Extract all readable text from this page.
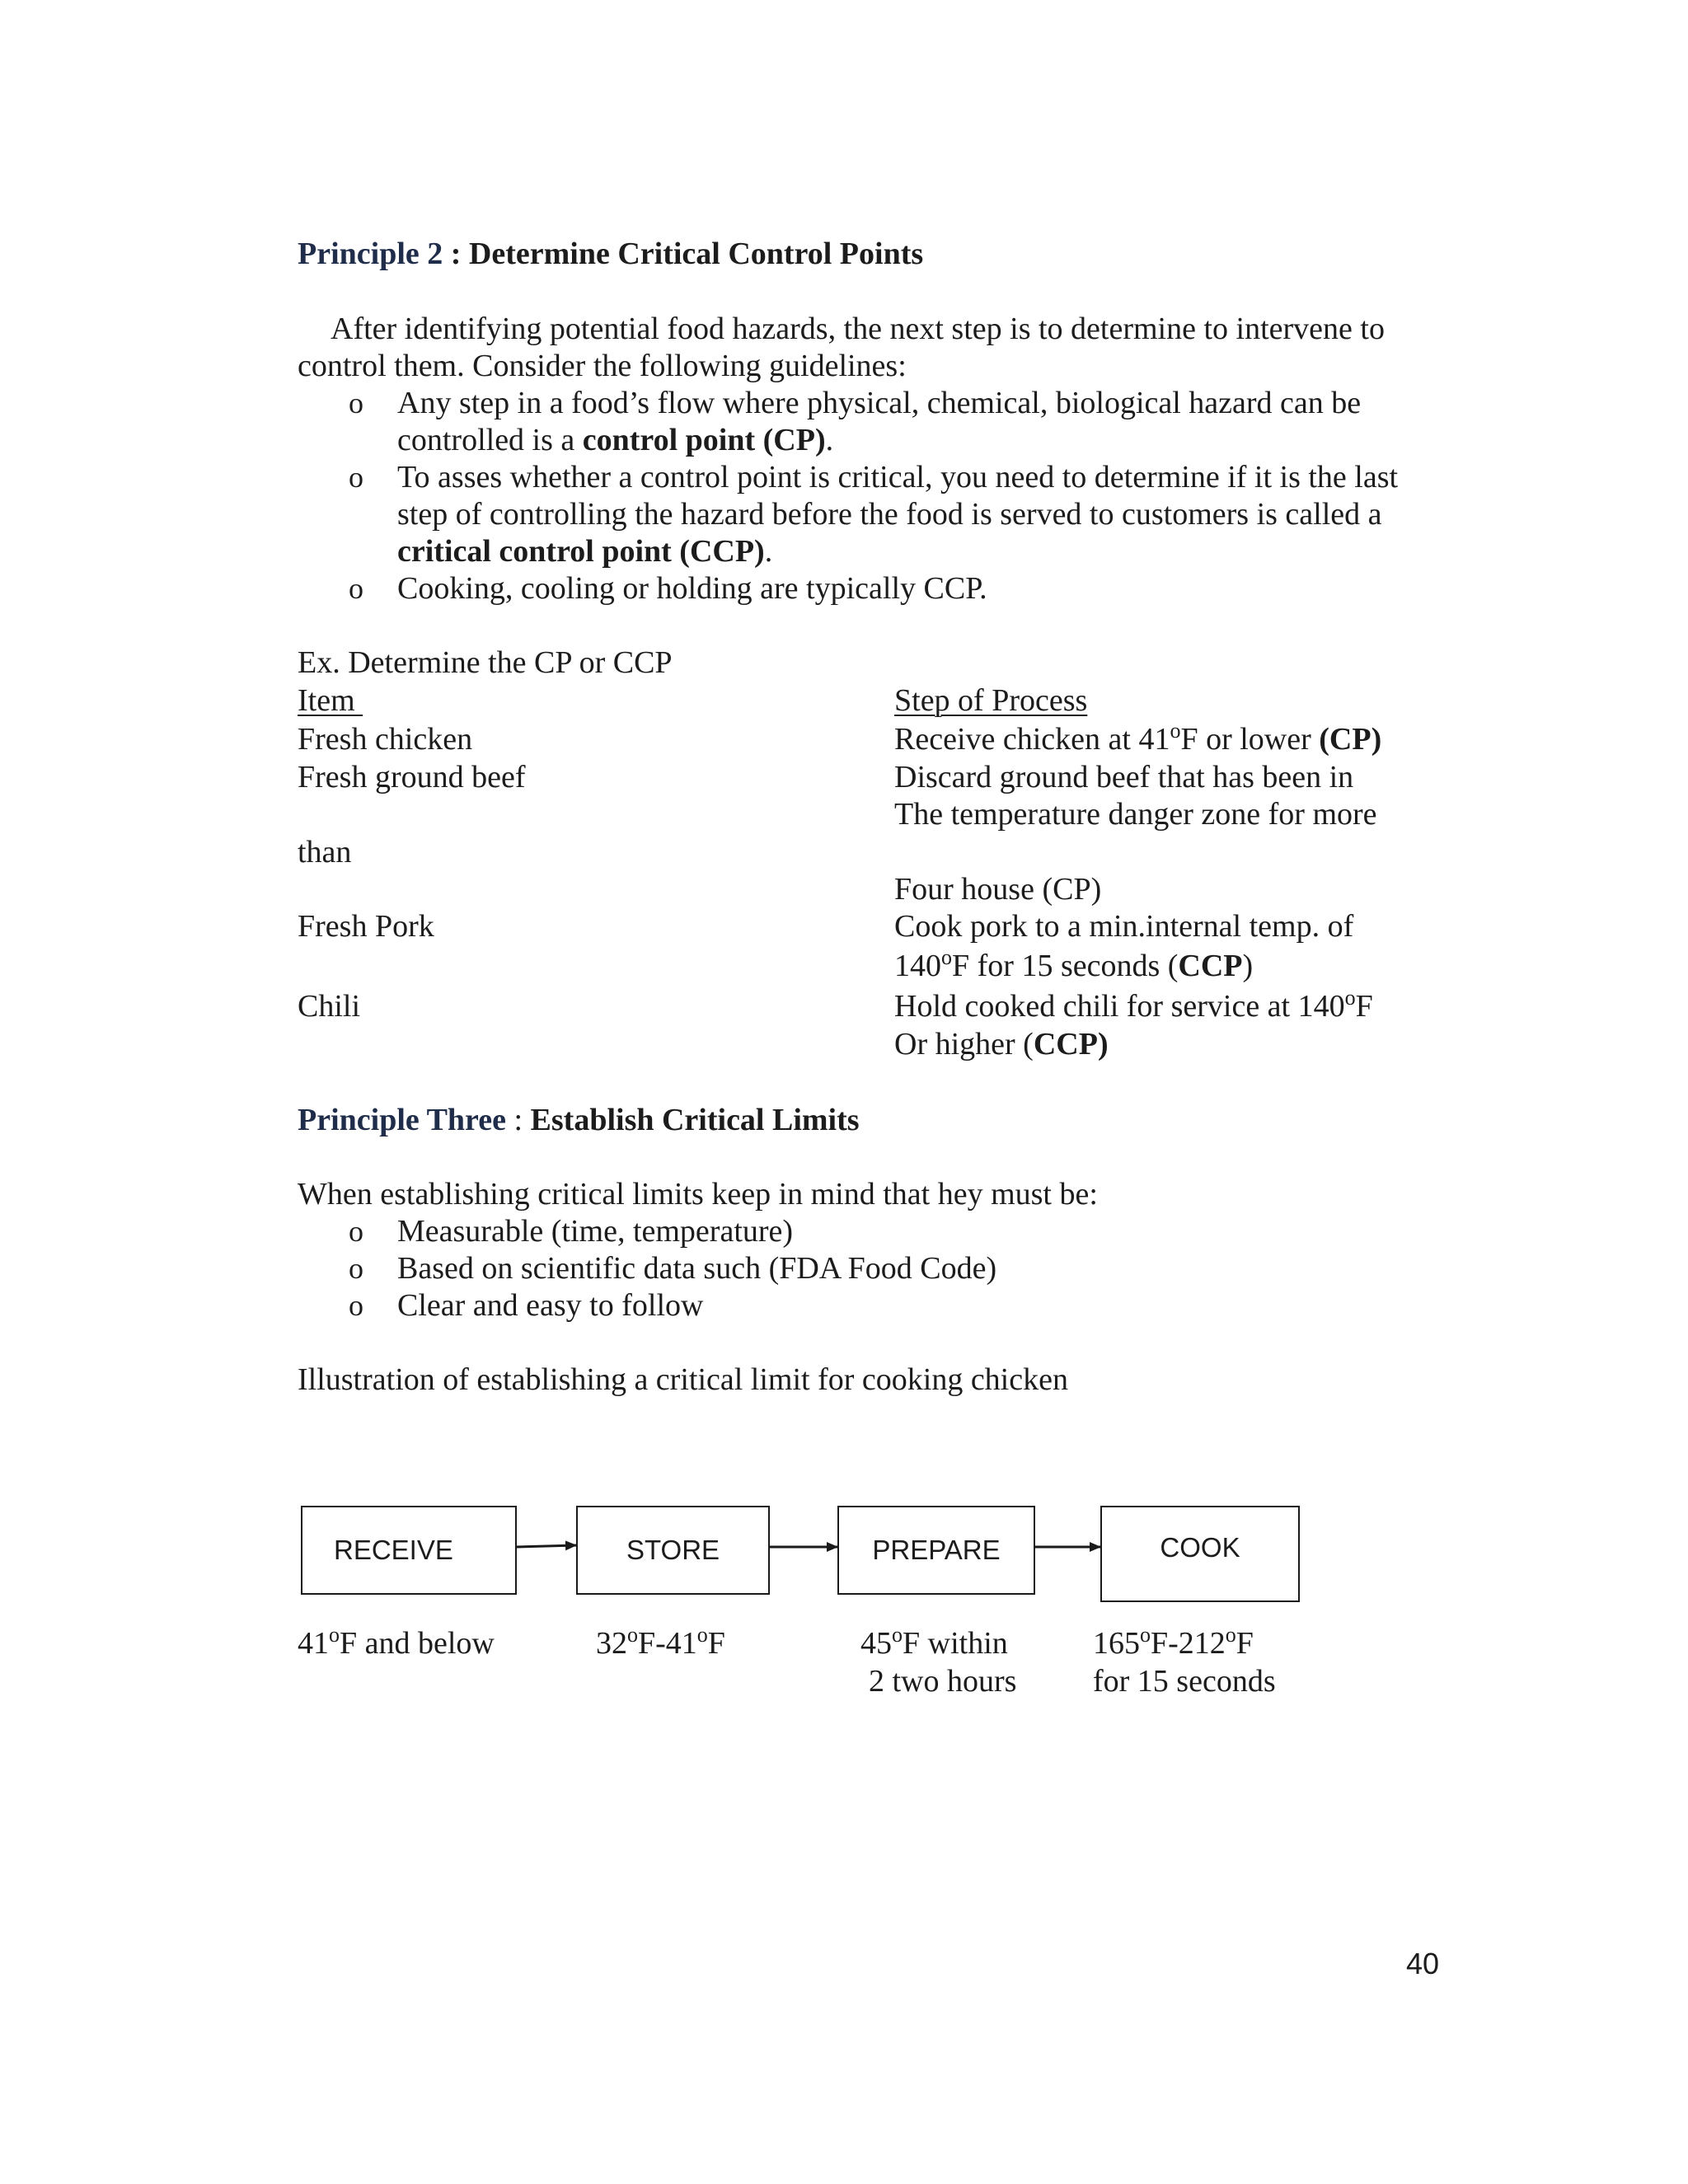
Principle 2 : Determine Critical Control Points
After identifying potential food hazards, the next step is to determine to intervene to
control them. Consider the following guidelines:
o Any step in a food’s flow where physical, chemical, biological hazard can be
controlled is a control point (CP).
o To asses whether a control point is critical, you need to determine if it is the last
step of controlling the hazard before the food is served to customers is called a
critical control point (CCP).
o Cooking, cooling or holding are typically CCP.
Ex. Determine the CP or CCP
Item	Step of Process
Fresh chicken	Receive chicken at 41$^o$F or lower (CP)
Fresh ground beef	Discard ground beef that has been in
The temperature danger zone for more
than
Four house (CP)
Fresh Pork	Cook pork to a min.internal temp. of
140$^o$F for 15 seconds (CCP)
Chili	Hold cooked chili for service at 140$^o$F
Or higher (CCP)
Principle Three : Establish Critical Limits
When establishing critical limits keep in mind that hey must be:
o Measurable (time, temperature)
o Based on scientific data such (FDA Food Code)
o Clear and easy to follow
Illustration of establishing a critical limit for cooking chicken
RECEIVE	STORE	PREPARE	COOK
41$^o$F and below	32$^o$F-41$^o$F	45$^o$F within
2 two hours
165$^o$F-212$^o$F
for 15 seconds
40
